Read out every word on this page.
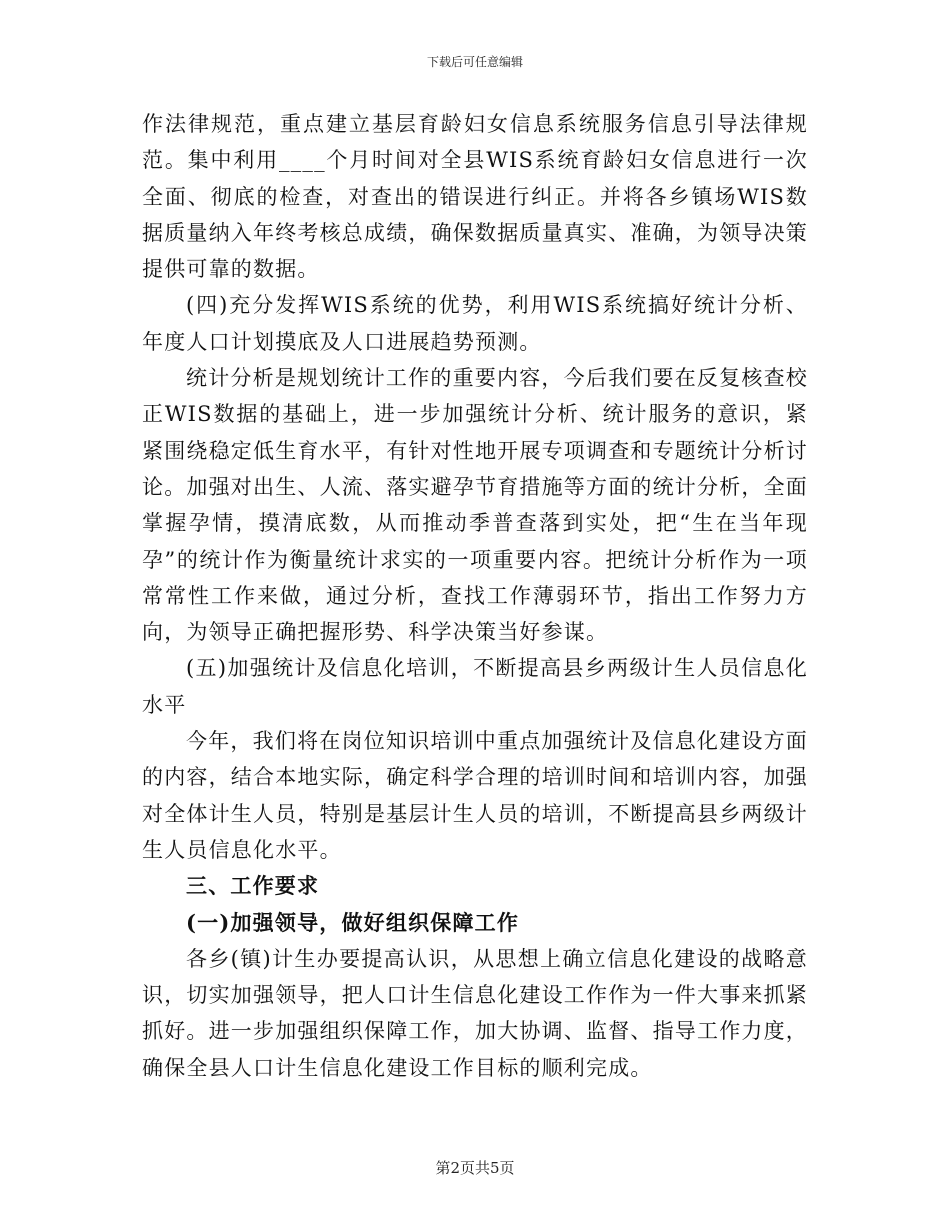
下载后可任意编辑

作法律规范，重点建立基层育龄妇女信息系统服务信息引导法律规范。集中利用____个月时间对全县WIS系统育龄妇女信息进行一次全面、彻底的检查，对查出的错误进行纠正。并将各乡镇场WIS数据质量纳入年终考核总成绩，确保数据质量真实、准确，为领导决策提供可靠的数据。

(四)充分发挥WIS系统的优势，利用WIS系统搞好统计分析、年度人口计划摸底及人口进展趋势预测。

统计分析是规划统计工作的重要内容，今后我们要在反复核查校正WIS数据的基础上，进一步加强统计分析、统计服务的意识，紧紧围绕稳定低生育水平，有针对性地开展专项调查和专题统计分析讨论。加强对出生、人流、落实避孕节育措施等方面的统计分析，全面掌握孕情，摸清底数，从而推动季普查落到实处，把“生在当年现孕”的统计作为衡量统计求实的一项重要内容。把统计分析作为一项常常性工作来做，通过分析，查找工作薄弱环节，指出工作努力方向，为领导正确把握形势、科学决策当好参谋。

(五)加强统计及信息化培训，不断提高县乡两级计生人员信息化水平

今年，我们将在岗位知识培训中重点加强统计及信息化建设方面的内容，结合本地实际，确定科学合理的培训时间和培训内容，加强对全体计生人员，特别是基层计生人员的培训，不断提高县乡两级计生人员信息化水平。

三、工作要求

(一)加强领导，做好组织保障工作

各乡(镇)计生办要提高认识，从思想上确立信息化建设的战略意识，切实加强领导，把人口计生信息化建设工作作为一件大事来抓紧抓好。进一步加强组织保障工作，加大协调、监督、指导工作力度，确保全县人口计生信息化建设工作目标的顺利完成。

第2页共5页
